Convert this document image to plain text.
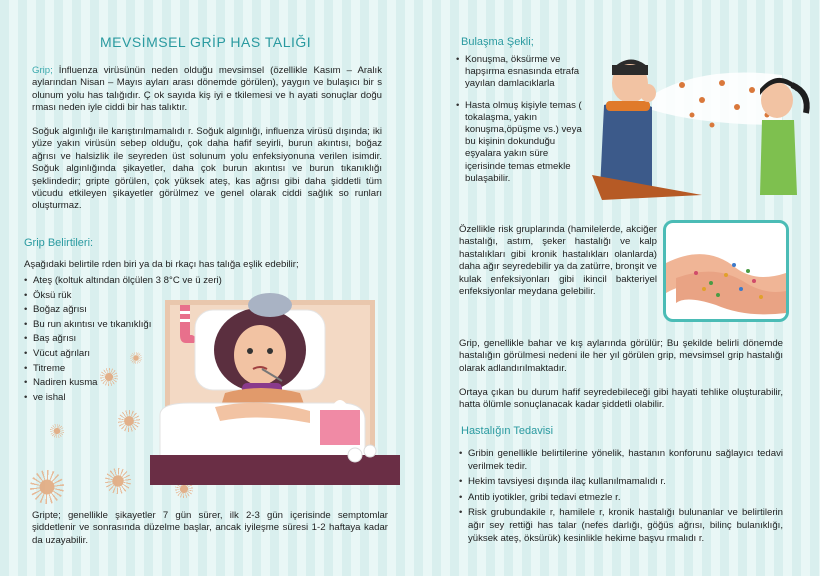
MEVSİMSEL GRİP HAS TALIĞI

Grip; İnfluenza virüsünün neden olduğu mevsimsel (özellikle Kasım – Aralık aylarından Nisan – Mayıs ayları arası dönemde görülen), yaygın ve bulaşıcı bir s olunum yolu has talığıdır. Ç ok sayıda kiş iyi e tkilemesi ve h ayati sonuçlar doğu rması neden iyle ciddi bir has talıktır.

Soğuk algınlığı ile karıştırılmamalıdı r. Soğuk algınlığı, influenza virüsü dışında; iki yüze yakın virüsün sebep olduğu, çok daha hafif seyirli, burun akıntısı, boğaz ağrısı ve halsizlik ile seyreden üst solunum yolu enfeksiyonuna verilen isimdir. Soğuk algınlığında şikayetler, daha çok burun akıntısı ve burun tıkanıklığı şeklindedir; gripte görülen, çok yüksek ateş, kas ağrısı gibi daha şiddetli tüm vücudu etkileyen şikayetler görülmez ve genel olarak ciddi sağlık so runları oluşturmaz.

Grip Belirtileri:
Aşağıdaki belirtile rden biri ya da bi rkaçı has talığa eşlik edebilir;
• Ateş (koltuk altından ölçülen 3 8°C ve ü zeri)
• Öksü rük
• Boğaz ağrısı
• Bu run akıntısı ve tıkanıklığı
• Baş ağrısı
• Vücut ağrıları
• Titreme
• Nadiren kusma
• ve ishal

Gripte; genellikle şikayetler 7 gün sürer, ilk 2-3 gün içerisinde semptomlar şiddetlenir ve sonrasında düzelme başlar, ancak iyileşme süresi 1-2 haftaya kadar da uzayabilir.

Bulaşma Şekli;
• Konuşma, öksürme ve hapşırma esnasında etrafa yayılan damlacıklarla
• Hasta olmuş kişiyle temas ( tokalaşma, yakın konuşma,öpüşme vs.) veya bu kişinin dokunduğu eşyalara yakın süre içerisinde temas etmekle bulaşabilir.

Özellikle risk gruplarında (hamilelerde, akciğer hastalığı, astım, şeker hastalığı ve kalp hastalıkları gibi kronik hastalıkları olanlarda) daha ağır seyredebilir ya da zatürre, bronşit ve kulak enfeksiyonları gibi ikincil bakteriyel enfeksiyonlar meydana gelebilir.

Grip, genellikle bahar ve kış aylarında görülür; Bu şekilde belirli dönemde hastalığın görülmesi nedeni ile her yıl görülen grip, mevsimsel grip hastalığı olarak adlandırılmaktadır.

Ortaya çıkan bu durum hafif seyredebileceği gibi hayati tehlike oluşturabilir, hatta ölümle sonuçlanacak kadar şiddetli olabilir.

Hastalığın Tedavisi
• Gribin genellikle belirtilerine yönelik, hastanın konforunu sağlayıcı tedavi verilmek tedir.
• Hekim tavsiyesi dışında ilaç kullanılmamalıdı r.
• Antib iyotikler, gribi tedavi etmezle r.
• Risk grubundakile r, hamilele r, kronik hastalığı bulunanlar ve belirtilerin ağır sey rettiği has talar (nefes darlığı, göğüs ağrısı, bilinç bulanıklığı, yüksek ateş, öksürük) kesinlikle hekime başvu rmalıdı r.
